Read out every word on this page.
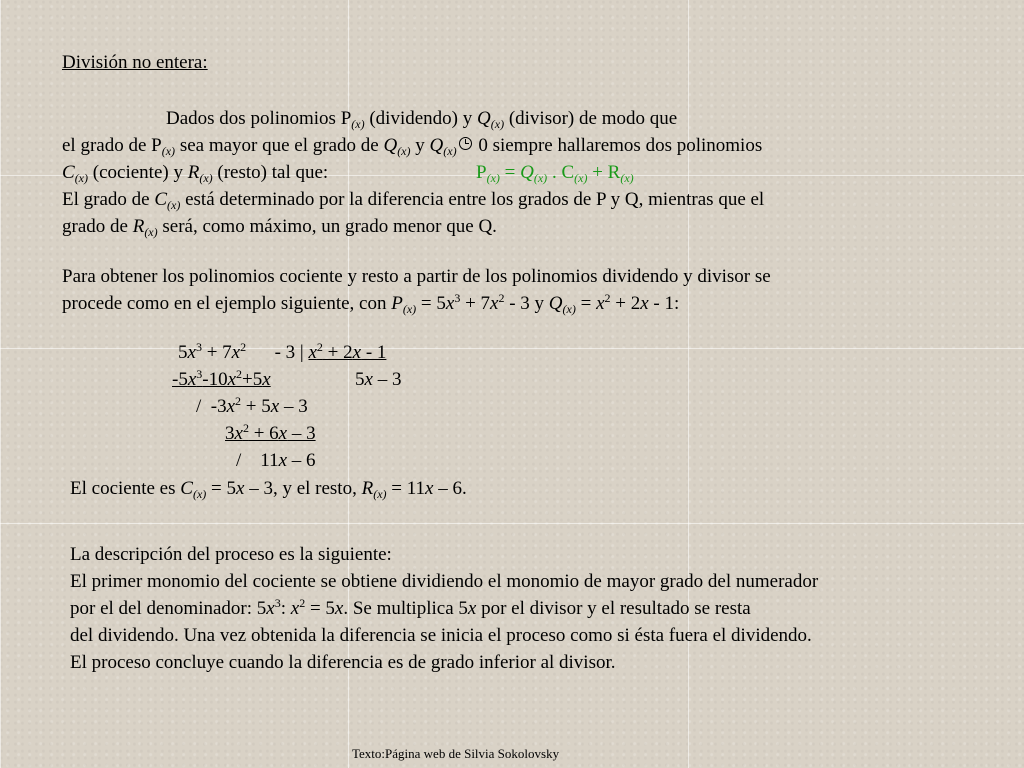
División no entera:
Dados dos polinomios $P_{(x)}$ (dividendo) y $Q_{(x)}$ (divisor) de modo que
el grado de $P_{(x)}$ sea mayor que el grado de $Q_{(x)}$ y $Q_{(x)}$ 0 siempre hallaremos dos polinomios
$C_{(x)}$ (cociente) y $R_{(x)}$ (resto) tal que:	$P_{(x)} = Q_{(x)}$ . $C_{(x)} + R_{(x)}$
El grado de $C_{(x)}$ está determinado por la diferencia entre los grados de P y Q, mientras que el
grado de $R_{(x)}$ será, como máximo, un grado menor que Q.
Para obtener los polinomios cociente y resto a partir de los polinomios dividendo y divisor se
procede como en el ejemplo siguiente, con $P_{(x)} = 5x^3 + 7x^2 - 3$ y $Q_{(x)} = x^2 + 2x - 1$:
$5x^3 + 7x^2$      - 3 | $x^2 + 2x - 1$
$-5x^3-10x^2+5x$	5x – 3
/  $-3x^2 + 5x - 3$
$3x^2 + 6x - 3$
/    11x – 6
El cociente es $C_{(x)} = 5x - 3$, y el resto, $R_{(x)} = 11x - 6$.
La descripción del proceso es la siguiente:
El primer monomio del cociente se obtiene dividiendo el monomio de mayor grado del numerador
por el del denominador: $5x^3$: $x^2 = 5x$. Se multiplica 5x por el divisor y el resultado se resta
del dividendo. Una vez obtenida la diferencia se inicia el proceso como si ésta fuera el dividendo.
El proceso concluye cuando la diferencia es de grado inferior al divisor.
Texto:Página web de Silvia Sokolovsky
